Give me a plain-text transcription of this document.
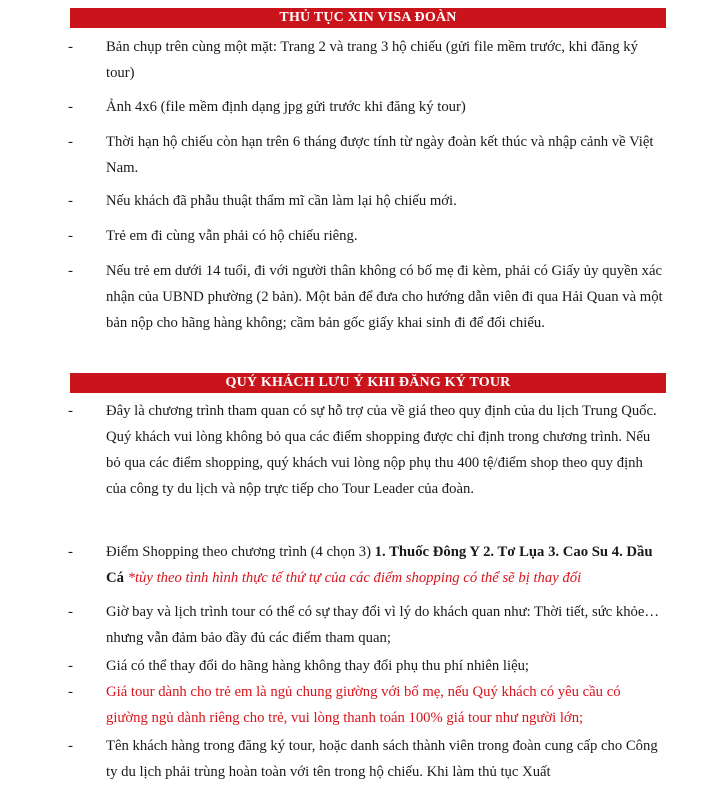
THỦ TỤC XIN VISA ĐOÀN
- Bản chụp trên cùng một mặt: Trang 2 và trang 3 hộ chiếu (gửi file mềm trước, khi đăng ký tour)
- Ảnh 4x6 (file mềm định dạng jpg gửi trước khi đăng ký tour)
- Thời hạn hộ chiếu còn hạn trên 6 tháng được tính từ ngày đoàn kết thúc và nhập cảnh về Việt Nam.
- Nếu khách đã phẫu thuật thẩm mĩ cần làm lại hộ chiếu mới.
- Trẻ em đi cùng vẫn phải có hộ chiếu riêng.
- Nếu trẻ em dưới 14 tuổi, đi với người thân không có bố mẹ đi kèm, phải có Giấy ủy quyền xác nhận của UBND phường (2 bản). Một bản để đưa cho hướng dẫn viên đi qua Hải Quan và một bản nộp cho hãng hàng không; cầm bản gốc giấy khai sinh đi để đối chiếu.
QUÝ KHÁCH LƯU Ý KHI ĐĂNG KÝ TOUR
- Đây là chương trình tham quan có sự hỗ trợ của về giá theo quy định của du lịch Trung Quốc. Quý khách vui lòng không bỏ qua các điểm shopping được chỉ định trong chương trình. Nếu bỏ qua các điểm shopping, quý khách vui lòng nộp phụ thu 400 tệ/điểm shop theo quy định của công ty du lịch và nộp trực tiếp cho Tour Leader của đoàn.
- Điểm Shopping theo chương trình (4 chọn 3) 1. Thuốc Đông Y 2. Tơ Lụa 3. Cao Su 4. Dầu Cá *tùy theo tình hình thực tế thứ tự của các điểm shopping có thể sẽ bị thay đổi
- Giờ bay và lịch trình tour có thể có sự thay đổi vì lý do khách quan như: Thời tiết, sức khỏe… nhưng vẫn đảm bảo đầy đủ các điểm tham quan;
- Giá có thể thay đổi do hãng hàng không thay đổi phụ thu phí nhiên liệu;
- Giá tour dành cho trẻ em là ngủ chung giường với bố mẹ, nếu Quý khách có yêu cầu có giường ngủ dành riêng cho trẻ, vui lòng thanh toán 100% giá tour như người lớn;
- Tên khách hàng trong đăng ký tour, hoặc danh sách thành viên trong đoàn cung cấp cho Công ty du lịch phải trùng hoàn toàn với tên trong hộ chiếu. Khi làm thủ tục Xuất
